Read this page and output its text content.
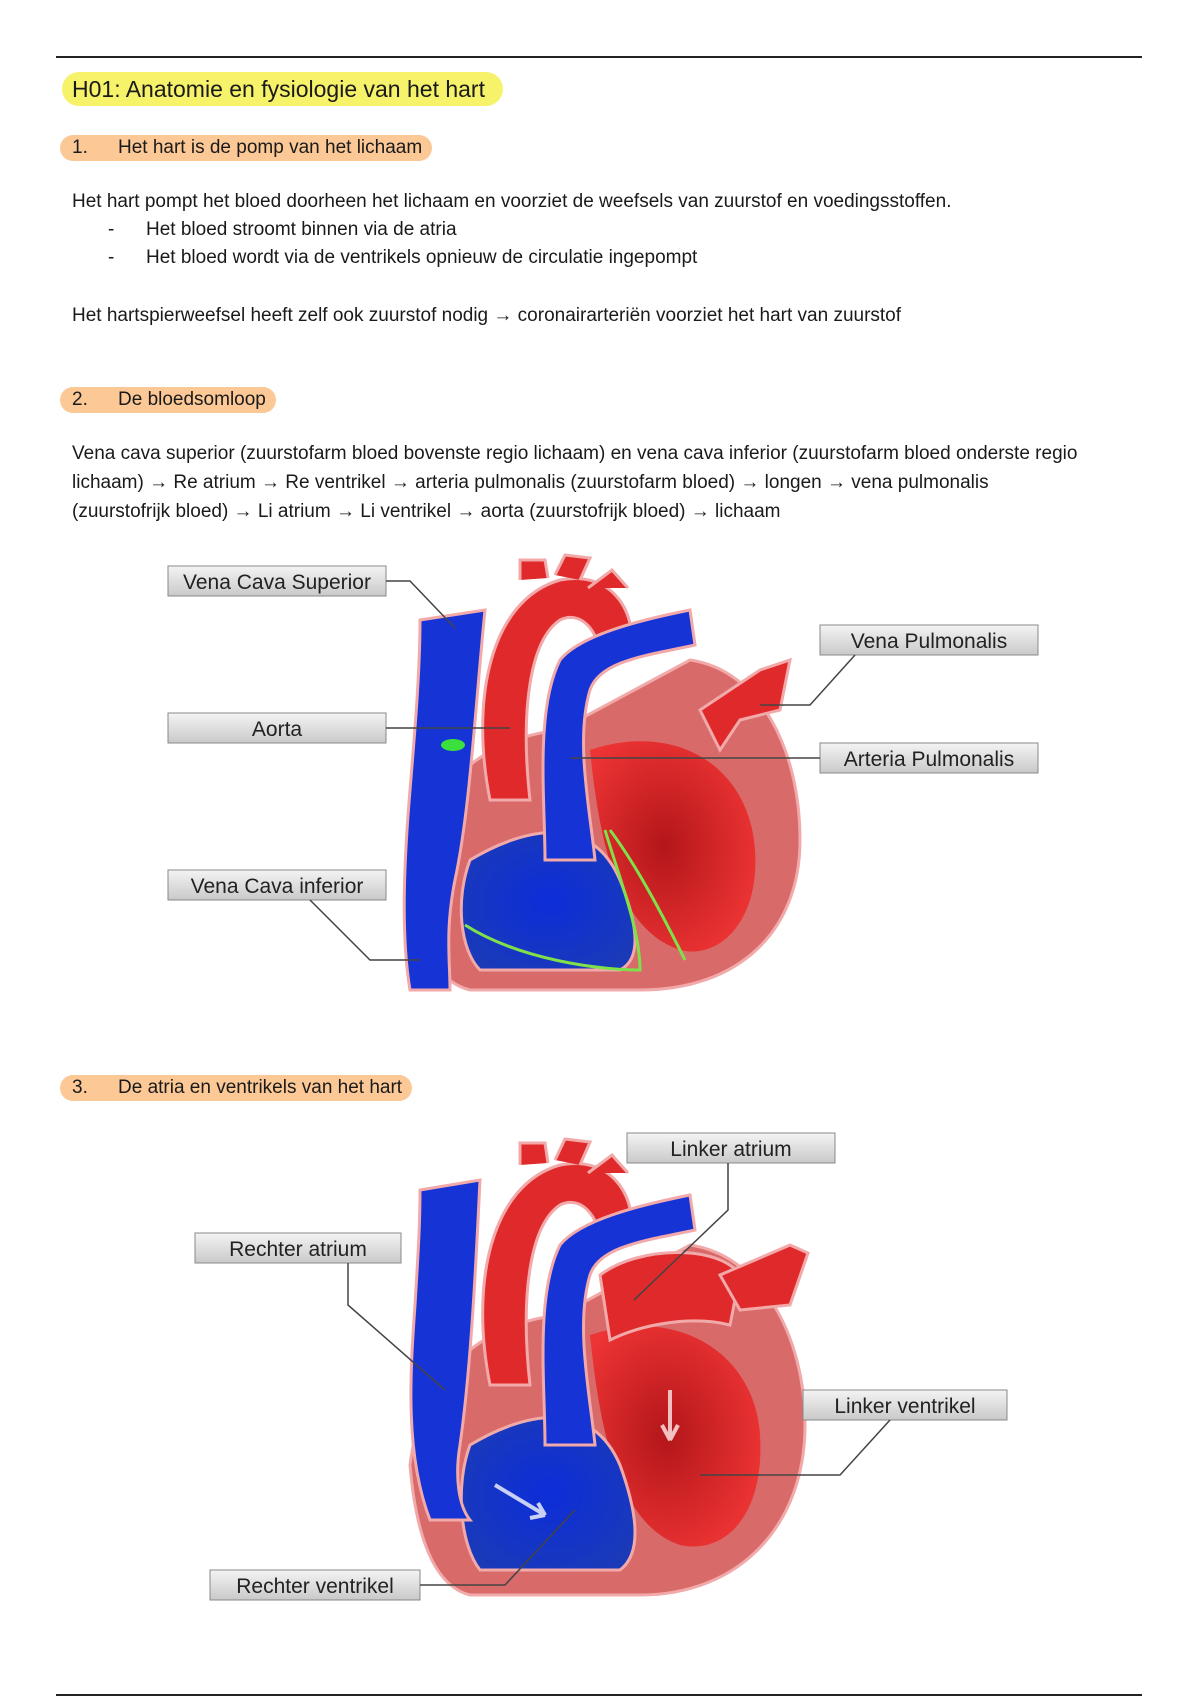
H01: Anatomie en fysiologie van het hart
1. Het hart is de pomp van het lichaam
Het hart pompt het bloed doorheen het lichaam en voorziet de weefsels van zuurstof en voedingsstoffen.
- Het bloed stroomt binnen via de atria
- Het bloed wordt via de ventrikels opnieuw de circulatie ingepompt
Het hartspierweefsel heeft zelf ook zuurstof nodig → coronairarteriën voorziet het hart van zuurstof
2. De bloedsomloop
Vena cava superior (zuurstofarm bloed bovenste regio lichaam) en vena cava inferior (zuurstofarm bloed onderste regio
lichaam) → Re atrium → Re ventrikel → arteria pulmonalis (zuurstofarm bloed) → longen → vena pulmonalis
(zuurstofrijk bloed) → Li atrium → Li ventrikel → aorta (zuurstofrijk bloed) → lichaam
Vena Cava Superior
Aorta
Vena Cava inferior
Vena Pulmonalis
Arteria Pulmonalis
3. De atria en ventrikels van het hart
Linker atrium
Rechter atrium
Linker ventrikel
Rechter ventrikel
